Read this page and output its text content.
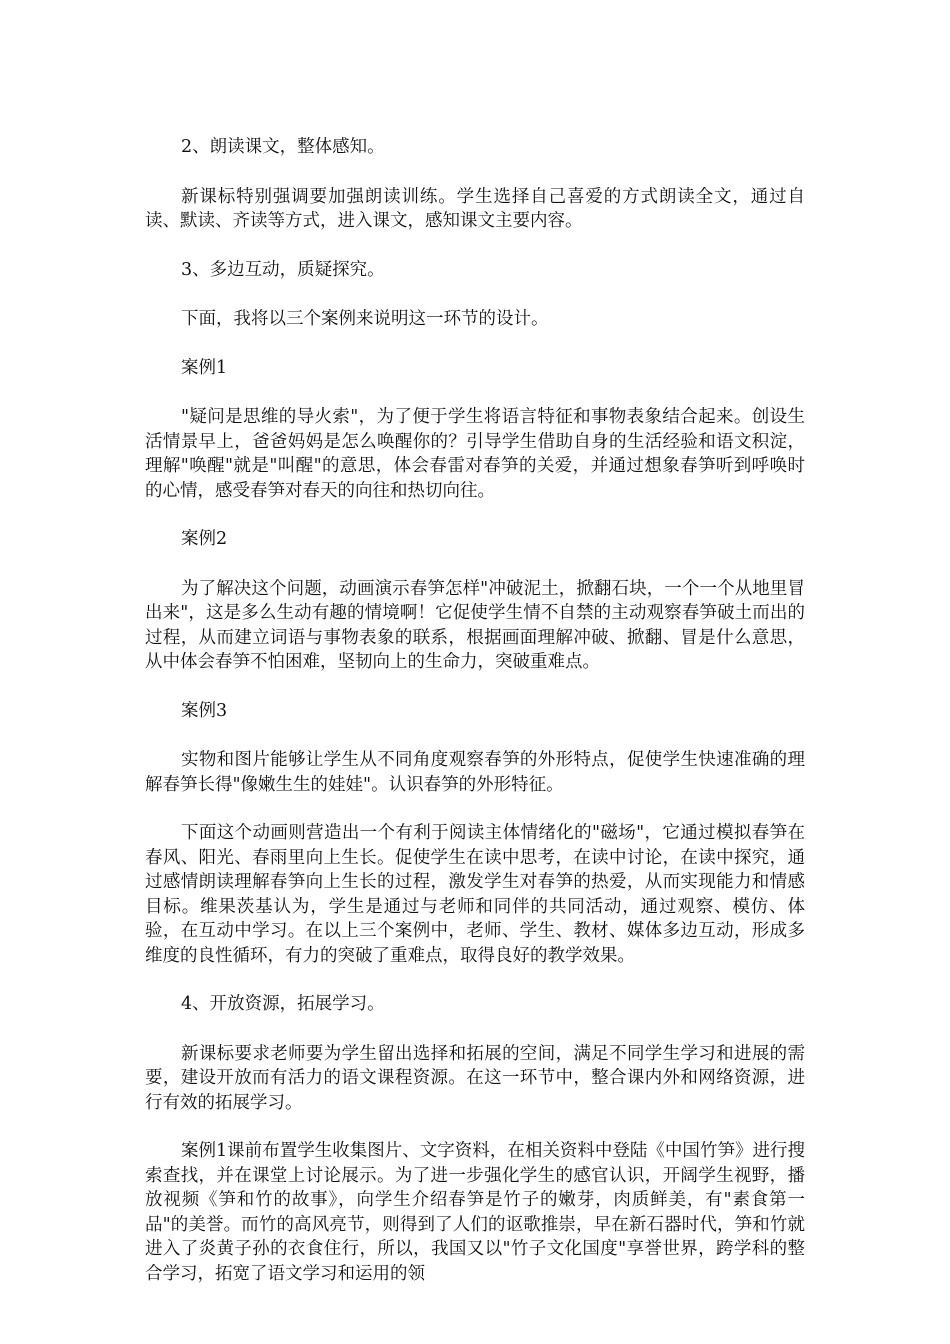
2、朗读课文，整体感知。

新课标特别强调要加强朗读训练。学生选择自己喜爱的方式朗读全文，通过自读、默读、齐读等方式，进入课文，感知课文主要内容。

3、多边互动，质疑探究。

下面，我将以三个案例来说明这一环节的设计。

案例1

"疑问是思维的导火索"，为了便于学生将语言特征和事物表象结合起来。创设生活情景早上，爸爸妈妈是怎么唤醒你的？引导学生借助自身的生活经验和语文积淀，理解"唤醒"就是"叫醒"的意思，体会春雷对春笋的关爱，并通过想象春笋听到呼唤时的心情，感受春笋对春天的向往和热切向往。

案例2

为了解决这个问题，动画演示春笋怎样"冲破泥土，掀翻石块，一个一个从地里冒出来"，这是多么生动有趣的情境啊！它促使学生情不自禁的主动观察春笋破土而出的过程，从而建立词语与事物表象的联系，根据画面理解冲破、掀翻、冒是什么意思，从中体会春笋不怕困难，坚韧向上的生命力，突破重难点。

案例3

实物和图片能够让学生从不同角度观察春笋的外形特点，促使学生快速准确的理解春笋长得"像嫩生生的娃娃"。认识春笋的外形特征。

下面这个动画则营造出一个有利于阅读主体情绪化的"磁场"，它通过模拟春笋在春风、阳光、春雨里向上生长。促使学生在读中思考，在读中讨论，在读中探究，通过感情朗读理解春笋向上生长的过程，激发学生对春笋的热爱，从而实现能力和情感目标。维果茨基认为，学生是通过与老师和同伴的共同活动，通过观察、模仿、体验，在互动中学习。在以上三个案例中，老师、学生、教材、媒体多边互动，形成多维度的良性循环，有力的突破了重难点，取得良好的教学效果。

4、开放资源，拓展学习。

新课标要求老师要为学生留出选择和拓展的空间，满足不同学生学习和进展的需要，建设开放而有活力的语文课程资源。在这一环节中，整合课内外和网络资源，进行有效的拓展学习。

案例1课前布置学生收集图片、文字资料，在相关资料中登陆《中国竹笋》进行搜索查找，并在课堂上讨论展示。为了进一步强化学生的感官认识，开阔学生视野，播放视频《笋和竹的故事》，向学生介绍春笋是竹子的嫩芽，肉质鲜美，有"素食第一品"的美誉。而竹的高风亮节，则得到了人们的讴歌推崇，早在新石器时代，笋和竹就进入了炎黄子孙的衣食住行，所以，我国又以"竹子文化国度"享誉世界，跨学科的整合学习，拓宽了语文学习和运用的领
